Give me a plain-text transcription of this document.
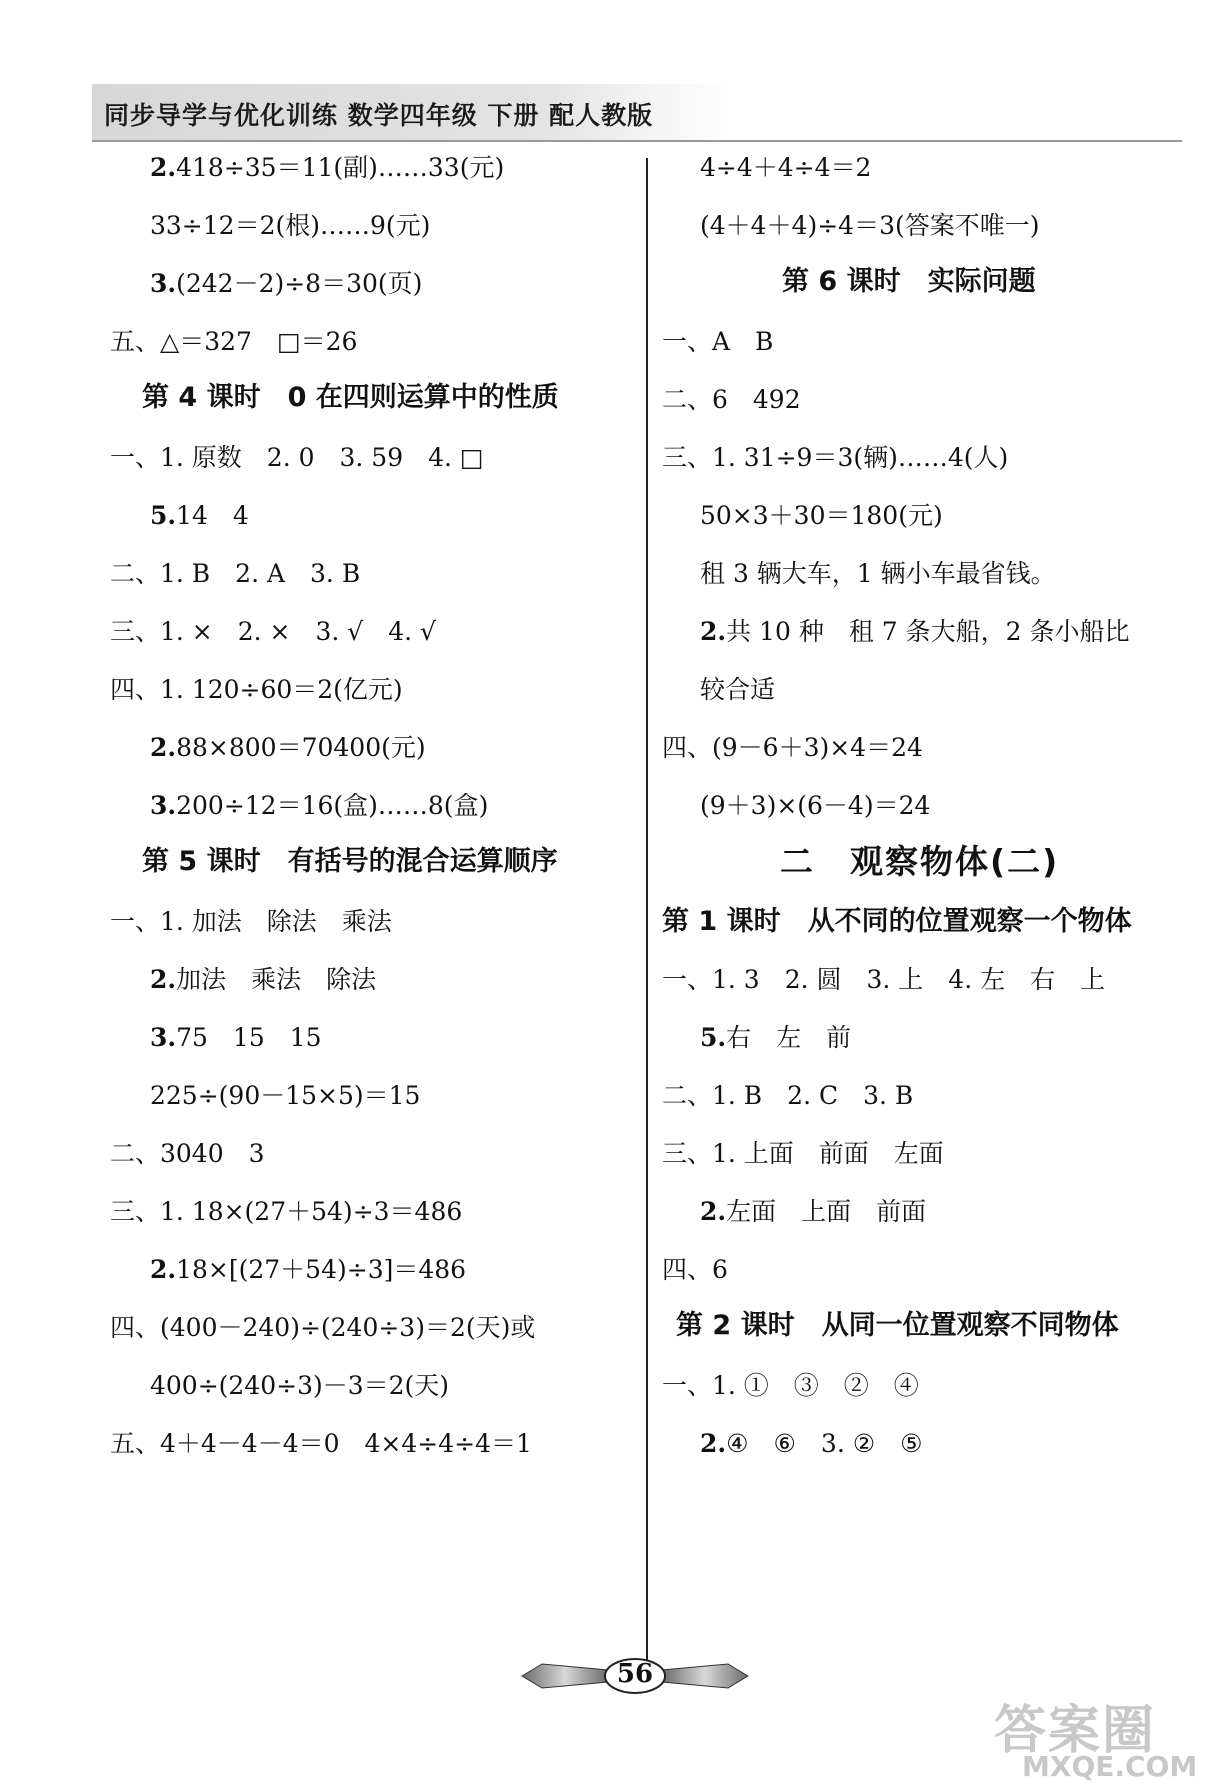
同步导学与优化训练 数学四年级 下册 配人教版
2.418÷35＝11(副)……33(元)
33÷12＝2(根)……9(元)
3.(242－2)÷8＝30(页)
五、△＝327　□＝26
第 4 课时　0 在四则运算中的性质
一、1. 原数　2. 0　3. 59　4. □
5.14　4
二、1. B　2. A　3. B
三、1. ×　2. ×　3. √　4. √
四、1. 120÷60＝2(亿元)
2.88×800＝70400(元)
3.200÷12＝16(盒)……8(盒)
第 5 课时　有括号的混合运算顺序
一、1. 加法　除法　乘法
2.加法　乘法　除法
3.75　15　15
225÷(90－15×5)＝15
二、3040　3
三、1. 18×(27＋54)÷3＝486
2.18×[(27＋54)÷3]＝486
四、(400－240)÷(240÷3)＝2(天)或
400÷(240÷3)－3＝2(天)
五、4＋4－4－4＝0　4×4÷4÷4＝1
4÷4＋4÷4＝2
(4＋4＋4)÷4＝3(答案不唯一)
第 6 课时　实际问题
一、A　B
二、6　492
三、1. 31÷9＝3(辆)……4(人)
50×3＋30＝180(元)
租 3 辆大车，1 辆小车最省钱。
2.共 10 种　租 7 条大船，2 条小船比
较合适
四、(9－6＋3)×4＝24
(9＋3)×(6－4)＝24
二　观察物体(二)
第 1 课时　从不同的位置观察一个物体
一、1. 3　2. 圆　3. 上　4. 左　右　上
5.右　左　前
二、1. B　2. C　3. B
三、1. 上面　前面　左面
2.左面　上面　前面
四、6
第 2 课时　从同一位置观察不同物体
一、1. ①　③　②　④
2.④　⑥　3. ②　⑤
56
答案圈
MXQE.COM
